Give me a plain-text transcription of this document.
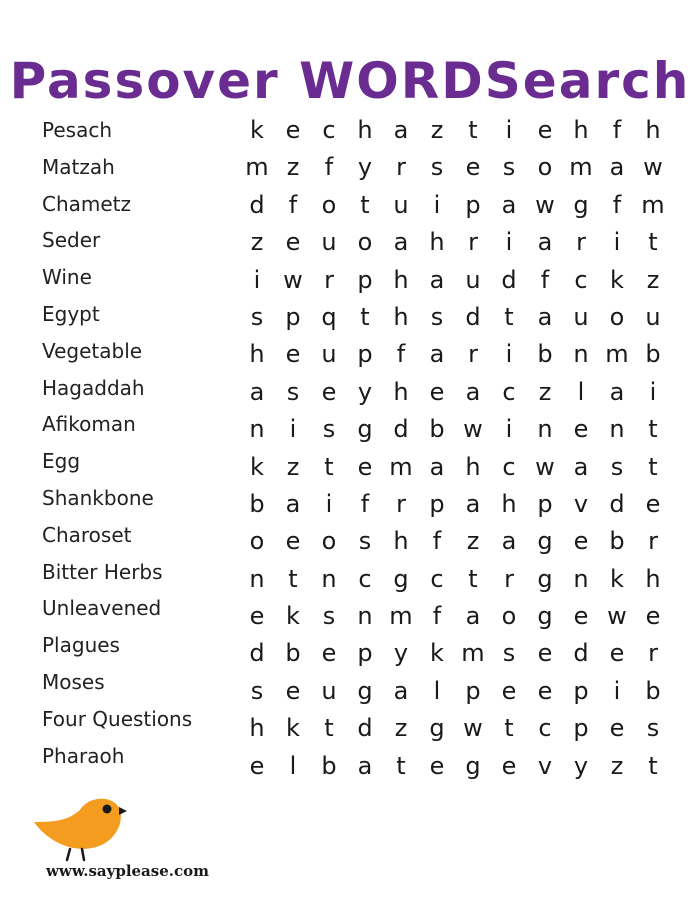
Passover WORDSearch
Pesach
Matzah
Chametz
Seder
Wine
Egypt
Vegetable
Hagaddah
Afikoman
Egg
Shankbone
Charoset
Bitter Herbs
Unleavened
Plagues
Moses
Four Questions
Pharaoh
k e c h a z	t	i	e h	f	h
m z	f	y r	s e s o m a w
d	f	o t u	i	p a w g	f m
z e u o a h r	i	a r	i	t
i w r p h a u d	f	c k z
s p q t h s d t a u o u
h e u p	f	a r	i	b n m b
a s e y h e a c z	l	a	i
n	i	s g d b w i	n e n t
k z	t e m a h c w a s	t
b a	i	f	r p a h p v d e
o e o s h	f	z a g e b r
n t n c g c	t	r g n k h
e k s n m f	a o g e w e
d b e p y k m s e d e r
s e u g a	l	p e e p	i	b
h k	t d z g w t	c p e s
e	l	b a t e g e v y z	t
www.sayplease.com
